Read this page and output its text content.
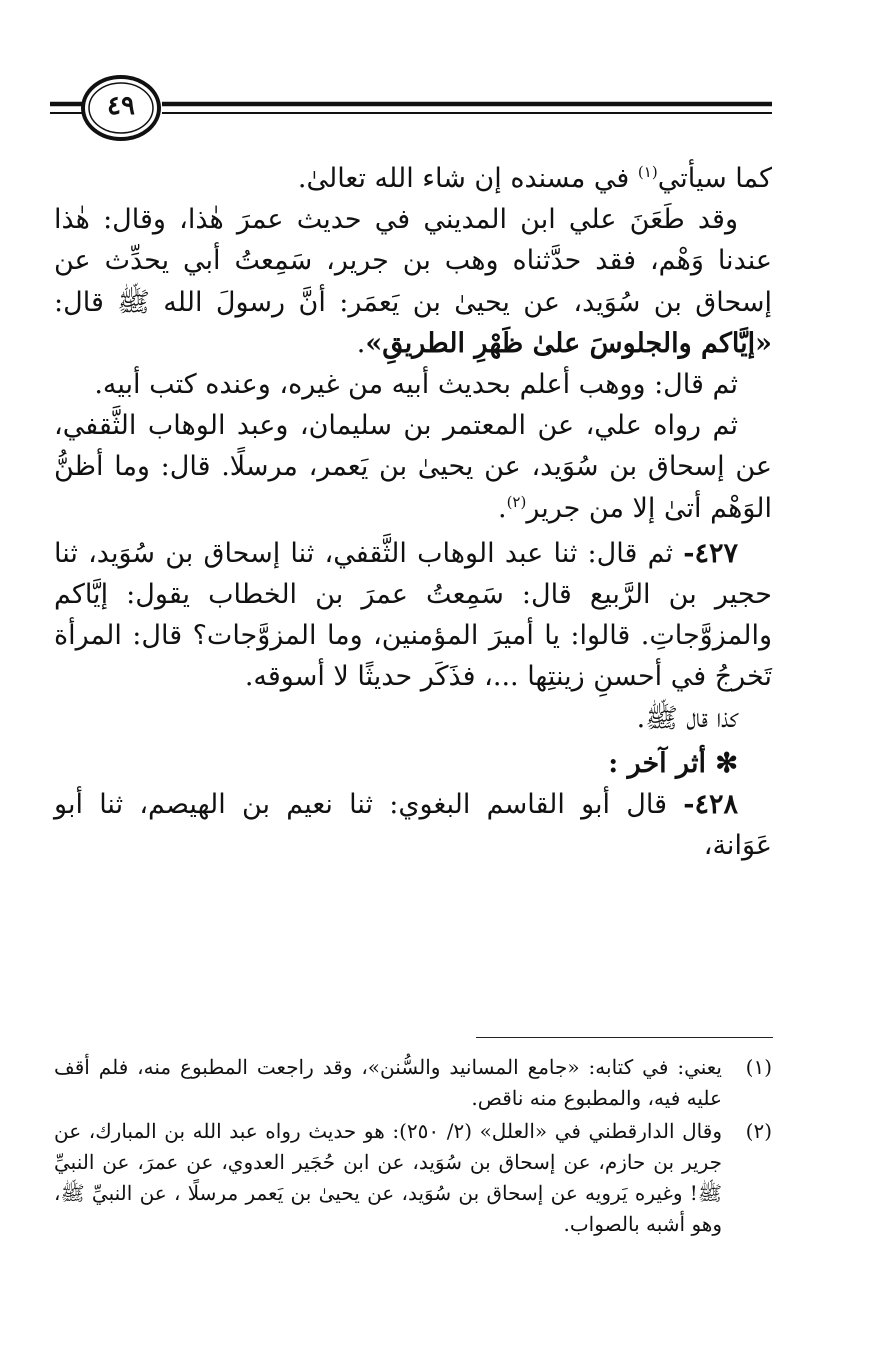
٤٩

كما سيأتي$^{(١)}$ في مسنده إن شاء الله تعالىٰ.

وقد طَعَنَ علي ابن المديني في حديث عمرَ هٰذا، وقال: هٰذا عندنا وَهْم، فقد حدَّثناه وهب بن جرير، سَمِعتُ أبي يحدِّث عن إسحاق بن سُوَيد، عن يحيىٰ بن يَعمَر: أنَّ رسولَ الله ﷺ قال: «إيَّاكم والجلوسَ علىٰ ظَهْرِ الطريقِ».

ثم قال: ووهب أعلم بحديث أبيه من غيره، وعنده كتب أبيه.

ثم رواه علي، عن المعتمر بن سليمان، وعبد الوهاب الثَّقفي، عن إسحاق بن سُوَيد، عن يحيىٰ بن يَعمر، مرسلًا. قال: وما أظنُّ الوَهْم أتىٰ إلا من جرير$^{(٢)}$.

٤٢٧- ثم قال: ثنا عبد الوهاب الثَّقفي، ثنا إسحاق بن سُوَيد، ثنا حجير بن الرَّبيع قال: سَمِعتُ عمرَ بن الخطاب يقول: إيَّاكم والمزوَّجاتِ. قالوا: يا أميرَ المؤمنين، وما المزوَّجات؟ قال: المرأة تَخرجُ في أحسنِ زينتِها ...، فذَكَر حديثًا لا أسوقه.

كذا قال ﷺ.

✻ أثر آخر :

٤٢٨- قال أبو القاسم البغوي: ثنا نعيم بن الهيصم، ثنا أبو عَوَانة،

(١)
يعني: في كتابه: «جامع المسانيد والسُّنن»، وقد راجعت المطبوع منه، فلم أقف عليه فيه، والمطبوع منه ناقص.
(٢)
وقال الدارقطني في «العلل» (٢/ ٢٥٠): هو حديث رواه عبد الله بن المبارك، عن جرير بن حازم، عن إسحاق بن سُوَيد، عن ابن حُجَير العدوي، عن عمرَ، عن النبيِّ ﷺ! وغيره يَرويه عن إسحاق بن سُوَيد، عن يحيىٰ بن يَعمر مرسلًا ، عن النبيِّ ﷺ، وهو أشبه بالصواب.
